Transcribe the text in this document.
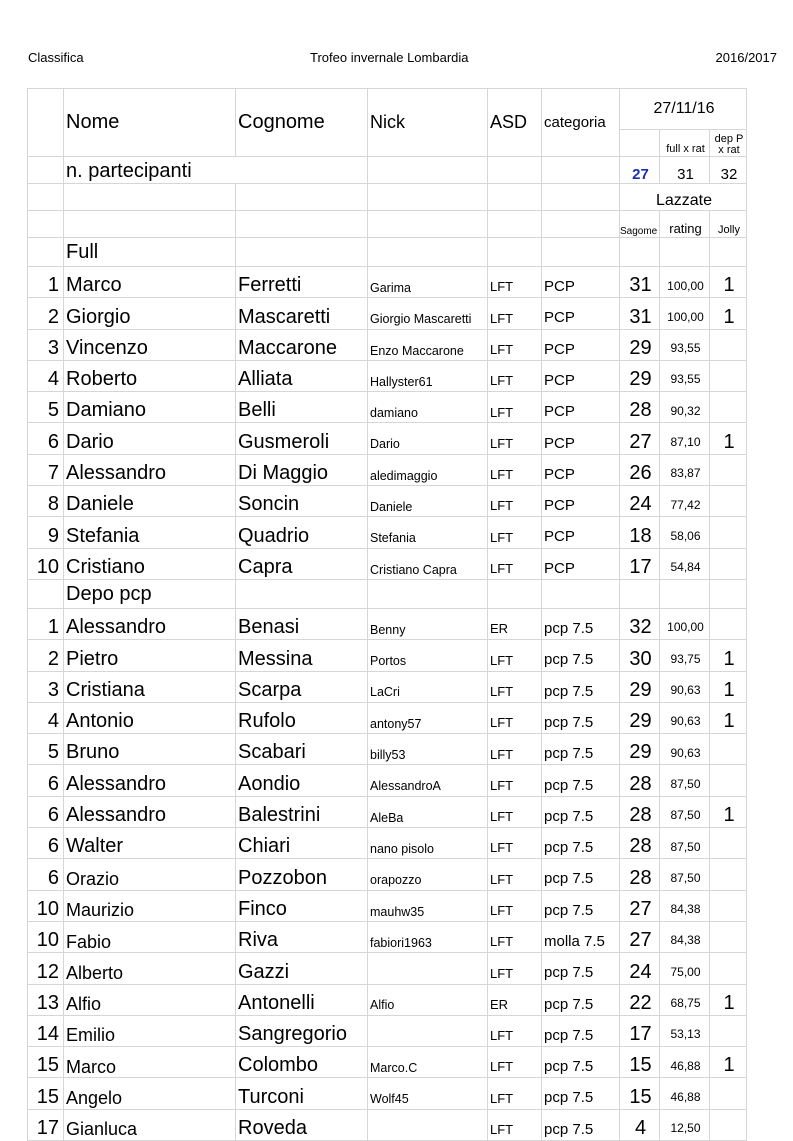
Classifica	Trofeo invernale Lombardia	2016/2017
	Nome	Cognome	Nick	ASD	categoria	27/11/16		
							full x rat	dep P x rat
	n. partecipanti					27	31	32
						Lazzate		
						Sagome	rating	Jolly
	Full							
1	Marco	Ferretti	Garima	LFT	PCP	31	100,00	1
2	Giorgio	Mascaretti	Giorgio Mascaretti	LFT	PCP	31	100,00	1
3	Vincenzo	Maccarone	Enzo Maccarone	LFT	PCP	29	93,55	
4	Roberto	Alliata	Hallyster61	LFT	PCP	29	93,55	
5	Damiano	Belli	damiano	LFT	PCP	28	90,32	
6	Dario	Gusmeroli	Dario	LFT	PCP	27	87,10	1
7	Alessandro	Di Maggio	aledimaggio	LFT	PCP	26	83,87	
8	Daniele	Soncin	Daniele	LFT	PCP	24	77,42	
9	Stefania	Quadrio	Stefania	LFT	PCP	18	58,06	
10	Cristiano	Capra	Cristiano Capra	LFT	PCP	17	54,84	
	Depo pcp							
1	Alessandro	Benasi	Benny	ER	pcp 7.5	32	100,00	
2	Pietro	Messina	Portos	LFT	pcp 7.5	30	93,75	1
3	Cristiana	Scarpa	LaCri	LFT	pcp 7.5	29	90,63	1
4	Antonio	Rufolo	antony57	LFT	pcp 7.5	29	90,63	1
5	Bruno	Scabari	billy53	LFT	pcp 7.5	29	90,63	
6	Alessandro	Aondio	AlessandroA	LFT	pcp 7.5	28	87,50	
6	Alessandro	Balestrini	AleBa	LFT	pcp 7.5	28	87,50	1
6	Walter	Chiari	nano pisolo	LFT	pcp 7.5	28	87,50	
6	Orazio	Pozzobon	orapozzo	LFT	pcp 7.5	28	87,50	
10	Maurizio	Finco	mauhw35	LFT	pcp 7.5	27	84,38	
10	Fabio	Riva	fabiori1963	LFT	molla 7.5	27	84,38	
12	Alberto	Gazzi		LFT	pcp 7.5	24	75,00	
13	Alfio	Antonelli	Alfio	ER	pcp 7.5	22	68,75	1
14	Emilio	Sangregorio		LFT	pcp 7.5	17	53,13	
15	Marco	Colombo	Marco.C	LFT	pcp 7.5	15	46,88	1
15	Angelo	Turconi	Wolf45	LFT	pcp 7.5	15	46,88	
17	Gianluca	Roveda		LFT	pcp 7.5	4	12,50	
